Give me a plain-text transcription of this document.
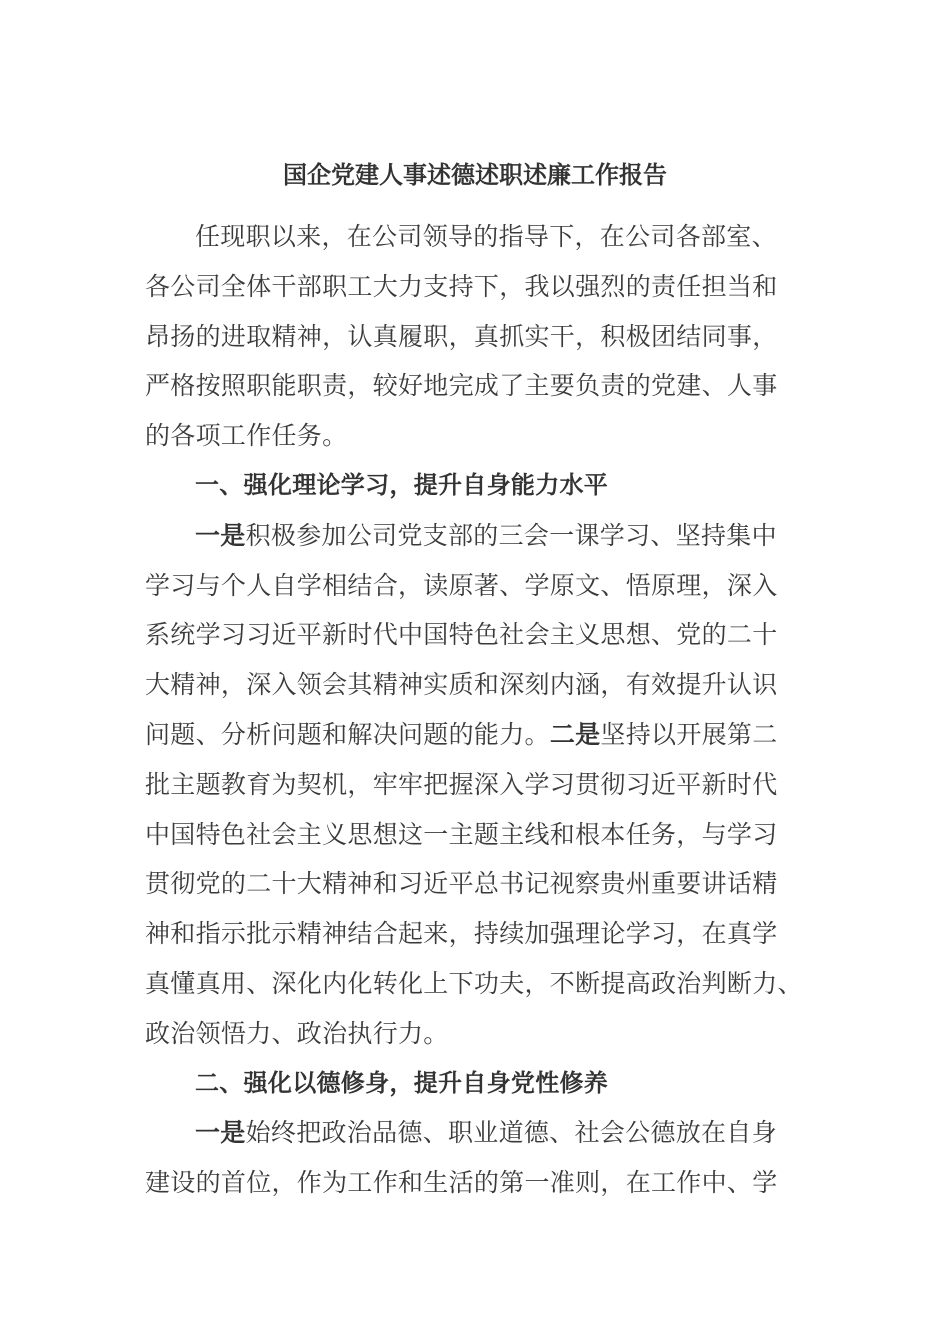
国企党建人事述德述职述廉工作报告
任现职以来，在公司领导的指导下，在公司各部室、
各公司全体干部职工大力支持下，我以强烈的责任担当和
昂扬的进取精神，认真履职，真抓实干，积极团结同事，
严格按照职能职责，较好地完成了主要负责的党建、人事
的各项工作任务。
一、强化理论学习，提升自身能力水平
一是积极参加公司党支部的三会一课学习、坚持集中
学习与个人自学相结合，读原著、学原文、悟原理，深入
系统学习习近平新时代中国特色社会主义思想、党的二十
大精神，深入领会其精神实质和深刻内涵，有效提升认识
问题、分析问题和解决问题的能力。二是坚持以开展第二
批主题教育为契机，牢牢把握深入学习贯彻习近平新时代
中国特色社会主义思想这一主题主线和根本任务，与学习
贯彻党的二十大精神和习近平总书记视察贵州重要讲话精
神和指示批示精神结合起来，持续加强理论学习，在真学
真懂真用、深化内化转化上下功夫，不断提高政治判断力、
政治领悟力、政治执行力。
二、强化以德修身，提升自身党性修养
一是始终把政治品德、职业道德、社会公德放在自身
建设的首位，作为工作和生活的第一准则，在工作中、学
